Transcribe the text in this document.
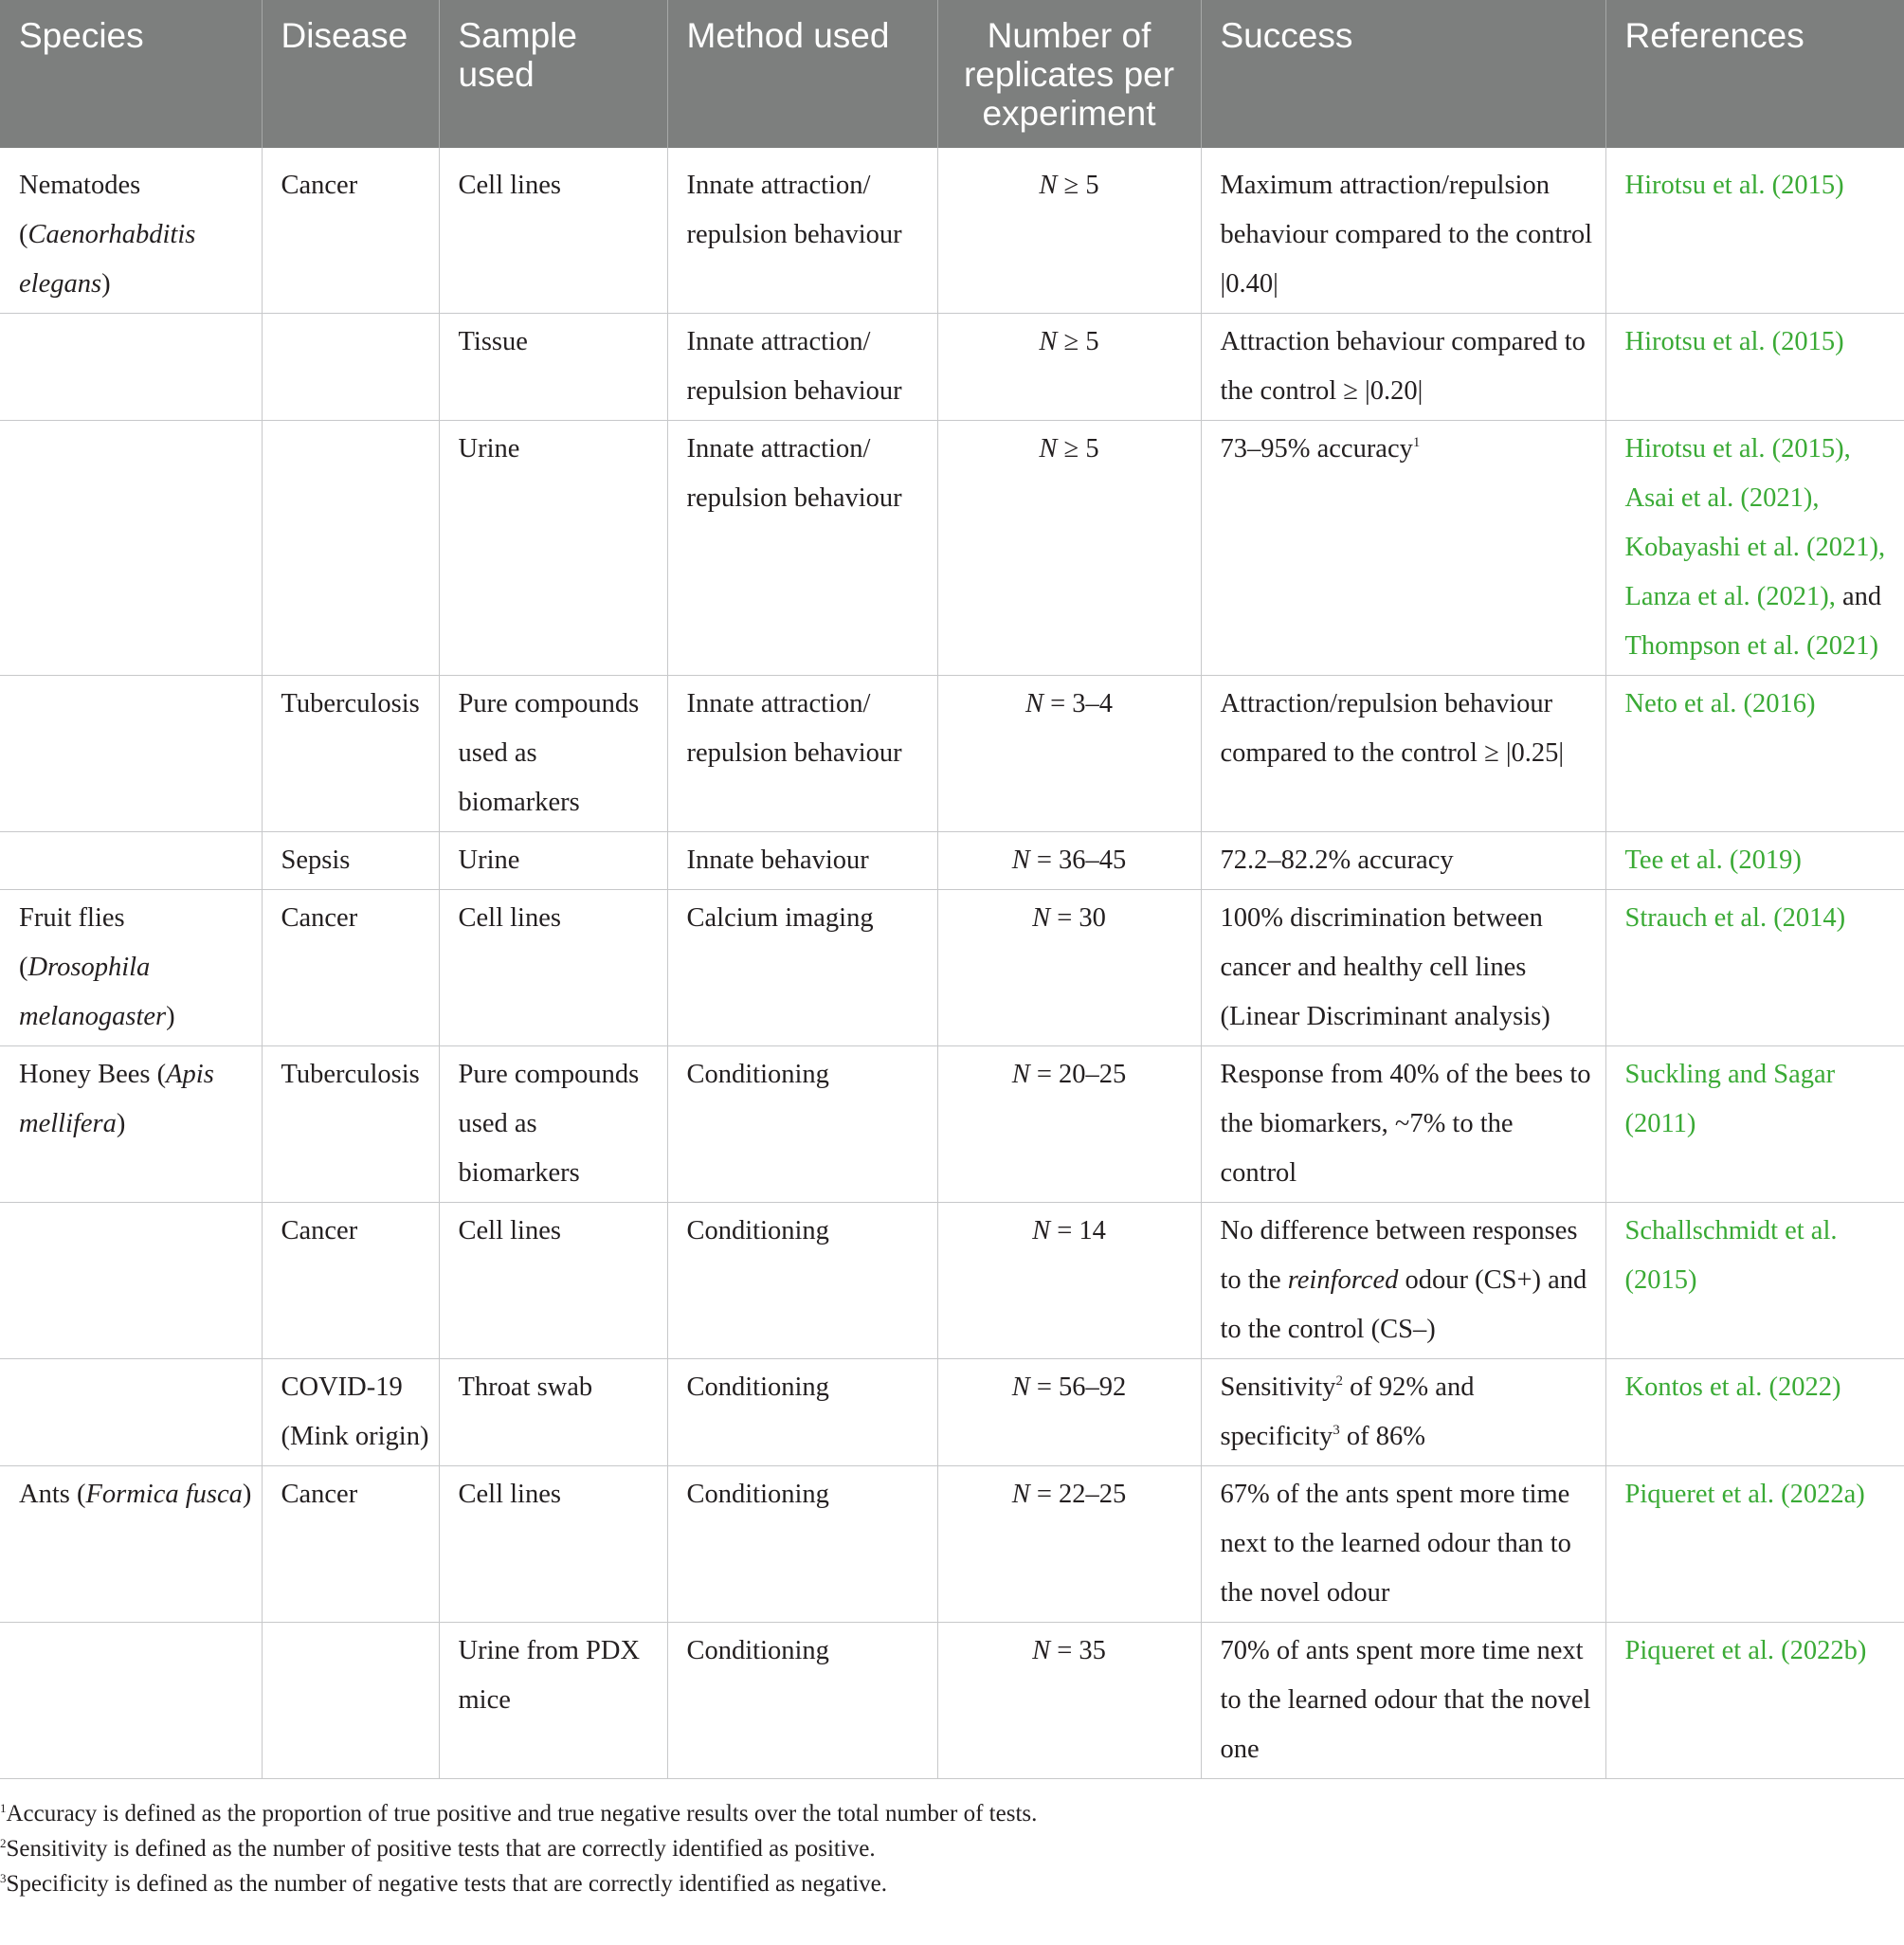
Species	Disease	Sample used	Method used	Number of replicates per experiment	Success	References
Nematodes (Caenorhabditis elegans)	Cancer	Cell lines	Innate attraction/ repulsion behaviour	N ≥ 5	Maximum attraction/repulsion behaviour compared to the control |0.40|	Hirotsu et al. (2015)
		Tissue	Innate attraction/ repulsion behaviour	N ≥ 5	Attraction behaviour compared to the control ≥ |0.20|	Hirotsu et al. (2015)
		Urine	Innate attraction/ repulsion behaviour	N ≥ 5	73–95% accuracy$^1$	Hirotsu et al. (2015), Asai et al. (2021), Kobayashi et al. (2021), Lanza et al. (2021), and Thompson et al. (2021)
	Tuberculosis	Pure compounds used as biomarkers	Innate attraction/ repulsion behaviour	N = 3–4	Attraction/repulsion behaviour compared to the control ≥ |0.25|	Neto et al. (2016)
	Sepsis	Urine	Innate behaviour	N = 36–45	72.2–82.2% accuracy	Tee et al. (2019)
Fruit flies (Drosophila melanogaster)	Cancer	Cell lines	Calcium imaging	N = 30	100% discrimination between cancer and healthy cell lines (Linear Discriminant analysis)	Strauch et al. (2014)
Honey Bees (Apis mellifera)	Tuberculosis	Pure compounds used as biomarkers	Conditioning	N = 20–25	Response from 40% of the bees to the biomarkers, ~7% to the control	Suckling and Sagar (2011)
	Cancer	Cell lines	Conditioning	N = 14	No difference between responses to the reinforced odour (CS+) and to the control (CS–)	Schallschmidt et al. (2015)
	COVID-19 (Mink origin)	Throat swab	Conditioning	N = 56–92	Sensitivity$^2$ of 92% and specificity$^3$ of 86%	Kontos et al. (2022)
Ants (Formica fusca)	Cancer	Cell lines	Conditioning	N = 22–25	67% of the ants spent more time next to the learned odour than to the novel odour	Piqueret et al. (2022a)
		Urine from PDX mice	Conditioning	N = 35	70% of ants spent more time next to the learned odour that the novel one	Piqueret et al. (2022b)
$^1$Accuracy is defined as the proportion of true positive and true negative results over the total number of tests.
$^2$Sensitivity is defined as the number of positive tests that are correctly identified as positive.
$^3$Specificity is defined as the number of negative tests that are correctly identified as negative.
